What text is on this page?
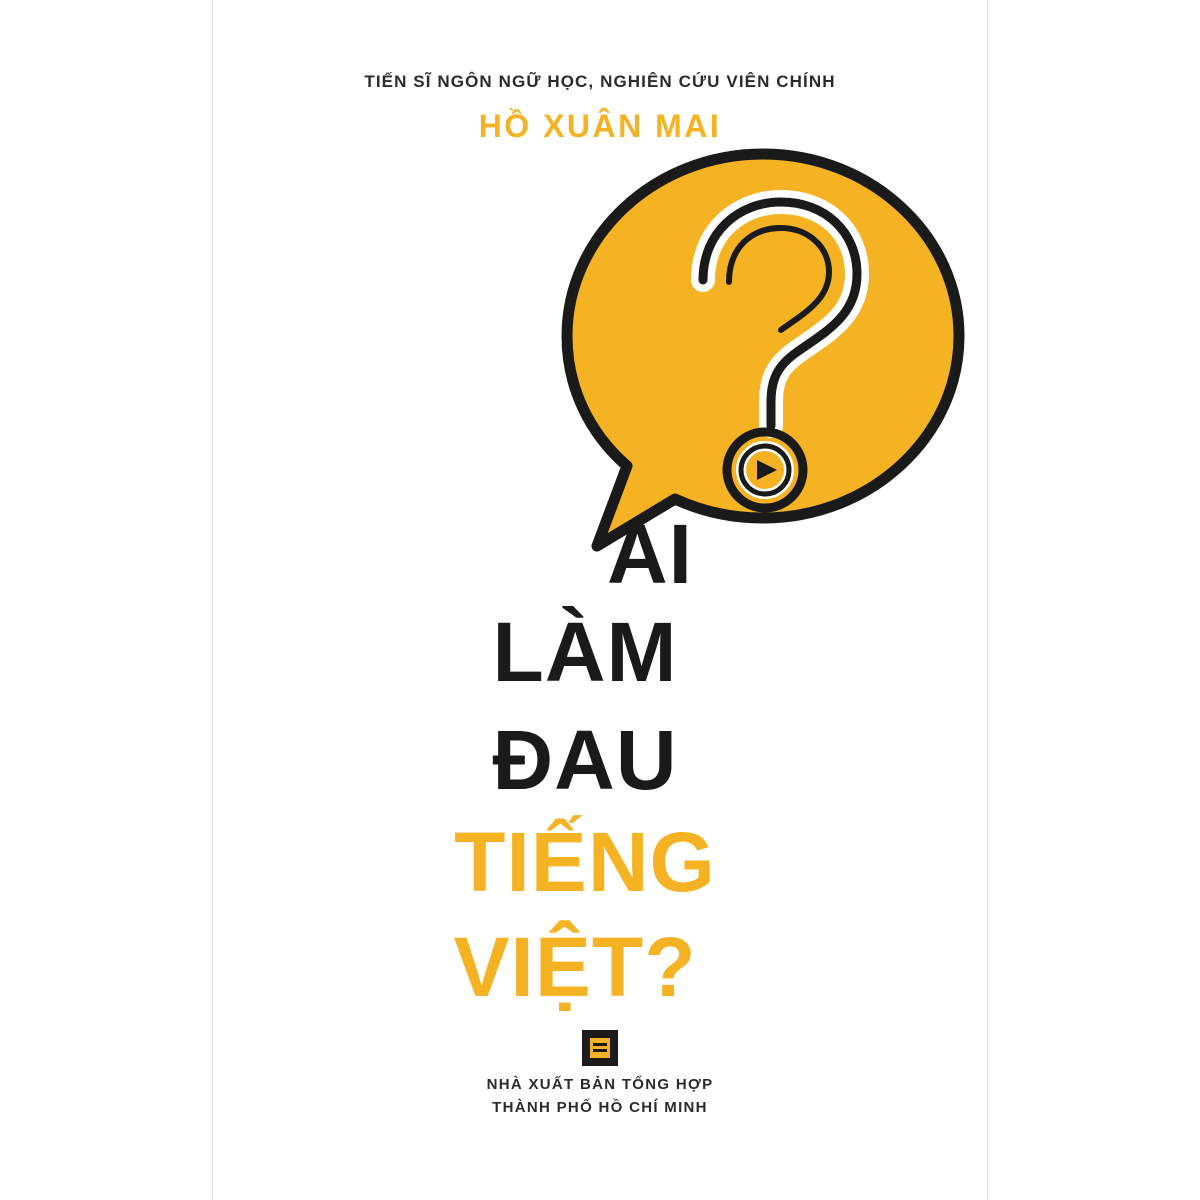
TIẾN SĨ NGÔN NGỮ HỌC, NGHIÊN CỨU VIÊN CHÍNH
HỒ XUÂN MAI
AI
LÀM
ĐAU
TIẾNG
VIỆT?
NHÀ XUẤT BẢN TỔNG HỢP
THÀNH PHỐ HỒ CHÍ MINH
